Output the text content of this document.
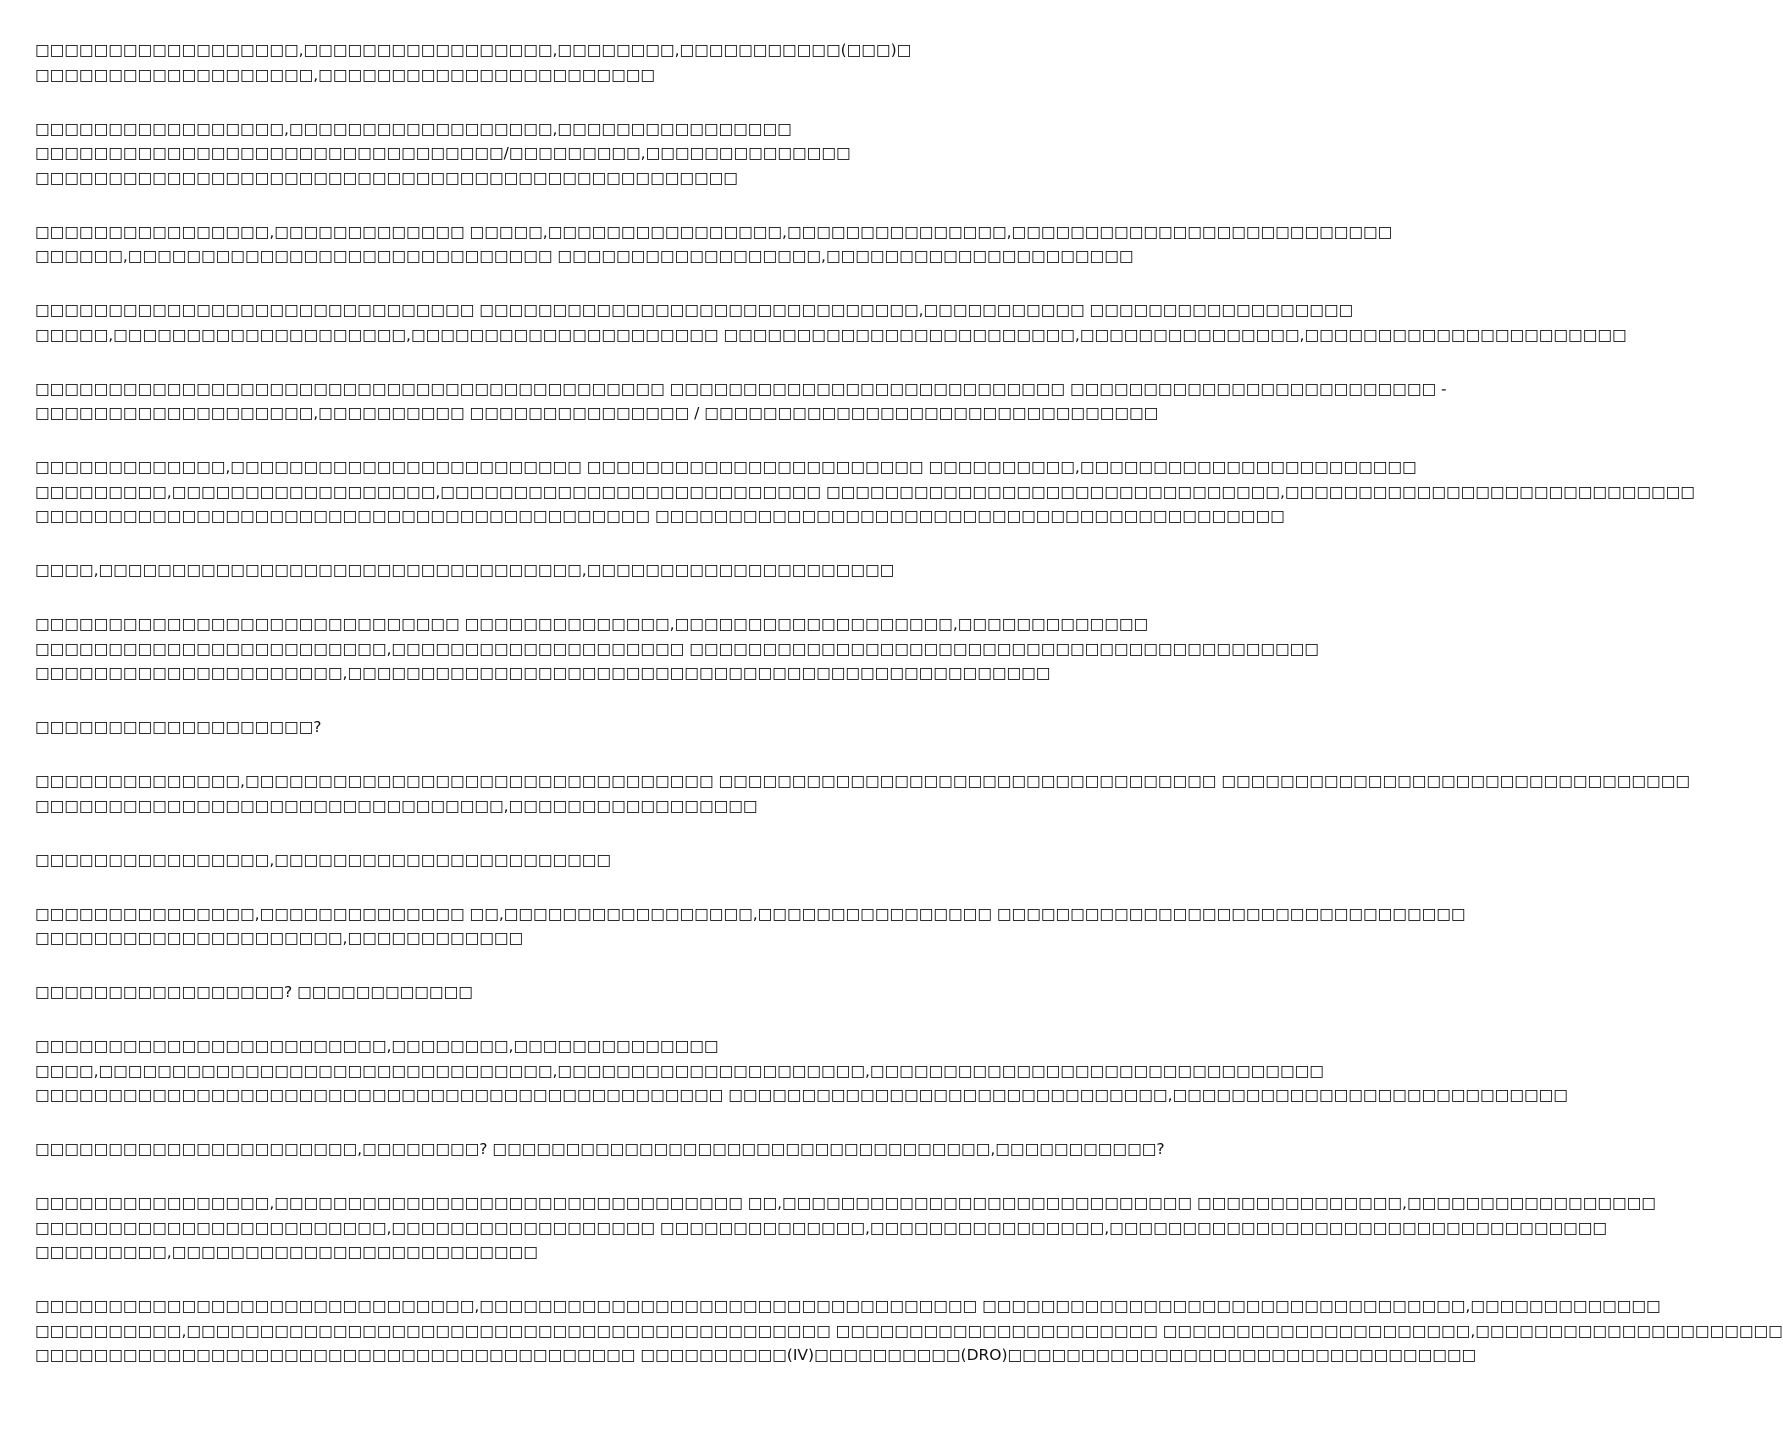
□□□□□□□□□□□□□□□□□□,□□□□□□□□□□□□□□□□□,□□□□□□□□,□□□□□□□□□□□(□□□)□
□□□□□□□□□□□□□□□□□□□,□□□□□□□□□□□□□□□□□□□□□□□
□□□□□□□□□□□□□□□□□,□□□□□□□□□□□□□□□□□□,□□□□□□□□□□□□□□□□
□□□□□□□□□□□□□□□□□□□□□□□□□□□□□□□□/□□□□□□□□□,□□□□□□□□□□□□□□
□□□□□□□□□□□□□□□□□□□□□□□□□□□□□□□□□□□□□□□□□□□□□□□□
□□□□□□□□□□□□□□□□,□□□□□□□□□□□□□ □□□□□,□□□□□□□□□□□□□□□□,□□□□□□□□□□□□□□□,□□□□□□□□□□□□□□□□□□□□□□□□□□
□□□□□□,□□□□□□□□□□□□□□□□□□□□□□□□□□□□□ □□□□□□□□□□□□□□□□□□,□□□□□□□□□□□□□□□□□□□□□
□□□□□□□□□□□□□□□□□□□□□□□□□□□□□□ □□□□□□□□□□□□□□□□□□□□□□□□□□□□□□,□□□□□□□□□□□ □□□□□□□□□□□□□□□□□□
□□□□□,□□□□□□□□□□□□□□□□□□□□,□□□□□□□□□□□□□□□□□□□□□ □□□□□□□□□□□□□□□□□□□□□□□□,□□□□□□□□□□□□□□□,□□□□□□□□□□□□□□□□□□□□□□
□□□□□□□□□□□□□□□□□□□□□□□□□□□□□□□□□□□□□□□□□□□ □□□□□□□□□□□□□□□□□□□□□□□□□□□ □□□□□□□□□□□□□□□□□□□□□□□□□ -
□□□□□□□□□□□□□□□□□□□,□□□□□□□□□□ □□□□□□□□□□□□□□□ / □□□□□□□□□□□□□□□□□□□□□□□□□□□□□□□
□□□□□□□□□□□□□,□□□□□□□□□□□□□□□□□□□□□□□□ □□□□□□□□□□□□□□□□□□□□□□□ □□□□□□□□□□,□□□□□□□□□□□□□□□□□□□□□□□
□□□□□□□□□,□□□□□□□□□□□□□□□□□□,□□□□□□□□□□□□□□□□□□□□□□□□□□ □□□□□□□□□□□□□□□□□□□□□□□□□□□□□□□,□□□□□□□□□□□□□□□□□□□□□□□□□□□□
□□□□□□□□□□□□□□□□□□□□□□□□□□□□□□□□□□□□□□□□□□ □□□□□□□□□□□□□□□□□□□□□□□□□□□□□□□□□□□□□□□□□□□
□□□□,□□□□□□□□□□□□□□□□□□□□□□□□□□□□□□□□□,□□□□□□□□□□□□□□□□□□□□□
□□□□□□□□□□□□□□□□□□□□□□□□□□□□□ □□□□□□□□□□□□□□,□□□□□□□□□□□□□□□□□□□,□□□□□□□□□□□□□
□□□□□□□□□□□□□□□□□□□□□□□□,□□□□□□□□□□□□□□□□□□□□ □□□□□□□□□□□□□□□□□□□□□□□□□□□□□□□□□□□□□□□□□□□
□□□□□□□□□□□□□□□□□□□□□,□□□□□□□□□□□□□□□□□□□□□□□□□□□□□□□□□□□□□□□□□□□□□□□□
□□□□□□□□□□□□□□□□□□□?
□□□□□□□□□□□□□□,□□□□□□□□□□□□□□□□□□□□□□□□□□□□□□□□ □□□□□□□□□□□□□□□□□□□□□□□□□□□□□□□□□□ □□□□□□□□□□□□□□□□□□□□□□□□□□□□□□□□
□□□□□□□□□□□□□□□□□□□□□□□□□□□□□□□□,□□□□□□□□□□□□□□□□□
□□□□□□□□□□□□□□□□,□□□□□□□□□□□□□□□□□□□□□□□
□□□□□□□□□□□□□□□,□□□□□□□□□□□□□□ □□,□□□□□□□□□□□□□□□□□,□□□□□□□□□□□□□□□□ □□□□□□□□□□□□□□□□□□□□□□□□□□□□□□□□
□□□□□□□□□□□□□□□□□□□□□,□□□□□□□□□□□□
□□□□□□□□□□□□□□□□□? □□□□□□□□□□□□
□□□□□□□□□□□□□□□□□□□□□□□□,□□□□□□□□,□□□□□□□□□□□□□□
□□□□,□□□□□□□□□□□□□□□□□□□□□□□□□□□□□□□,□□□□□□□□□□□□□□□□□□□□□,□□□□□□□□□□□□□□□□□□□□□□□□□□□□□□□
□□□□□□□□□□□□□□□□□□□□□□□□□□□□□□□□□□□□□□□□□□□□□□□ □□□□□□□□□□□□□□□□□□□□□□□□□□□□□□,□□□□□□□□□□□□□□□□□□□□□□□□□□□
□□□□□□□□□□□□□□□□□□□□□□,□□□□□□□□? □□□□□□□□□□□□□□□□□□□□□□□□□□□□□□□□□□,□□□□□□□□□□□?
□□□□□□□□□□□□□□□□,□□□□□□□□□□□□□□□□□□□□□□□□□□□□□□□□ □□,□□□□□□□□□□□□□□□□□□□□□□□□□□□□ □□□□□□□□□□□□□□,□□□□□□□□□□□□□□□□□
□□□□□□□□□□□□□□□□□□□□□□□□,□□□□□□□□□□□□□□□□□□ □□□□□□□□□□□□□□,□□□□□□□□□□□□□□□□,□□□□□□□□□□□□□□□□□□□□□□□□□□□□□□□□□□
□□□□□□□□□,□□□□□□□□□□□□□□□□□□□□□□□□□
□□□□□□□□□□□□□□□□□□□□□□□□□□□□□□,□□□□□□□□□□□□□□□□□□□□□□□□□□□□□□□□□□ □□□□□□□□□□□□□□□□□□□□□□□□□□□□□□□□□,□□□□□□□□□□□□□
□□□□□□□□□□,□□□□□□□□□□□□□□□□□□□□□□□□□□□□□□□□□□□□□□□□□□□□ □□□□□□□□□□□□□□□□□□□□□□ □□□□□□□□□□□□□□□□□□□□□,□□□□□□□□□□□□□□□□□□□□□
□□□□□□□□□□□□□□□□□□□□□□□□□□□□□□□□□□□□□□□□□ □□□□□□□□□□(IV)□□□□□□□□□□(DRO)□□□□□□□□□□□□□□□□□□□□□□□□□□□□□□□□
